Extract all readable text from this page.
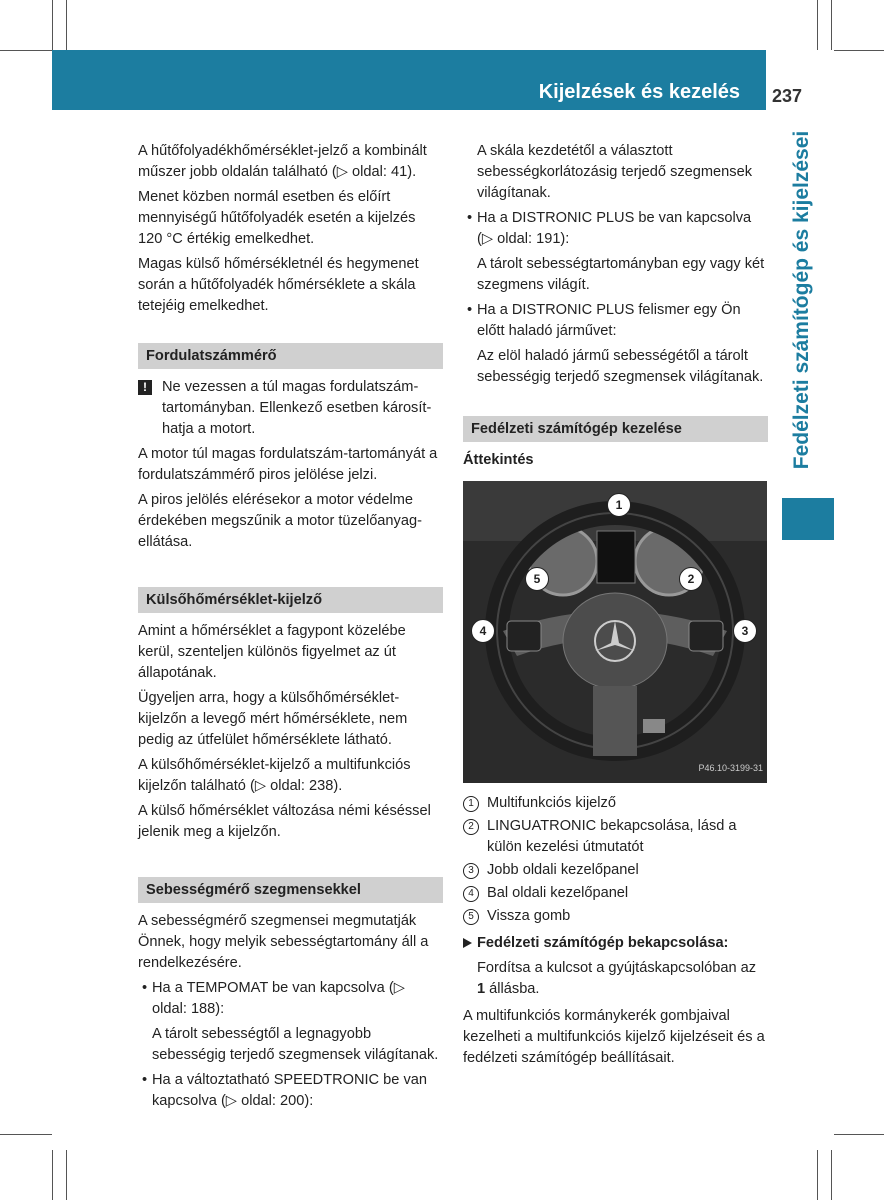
Kijelzések és kezelés 237
Fedélzeti számítógép és kijelzései

A hűtőfolyadékhőmérséklet-jelző a kombinált műszer jobb oldalán található (▷ oldal: 41).

Menet közben normál esetben és előírt mennyiségű hűtőfolyadék esetén a kijelzés 120 °C értékig emelkedhet.

Magas külső hőmérsékletnél és hegymenet során a hűtőfolyadék hőmérséklete a skála tetejéig emelkedhet.

Fordulatszámmérő
!	Ne vezessen a túl magas fordulatszám-tartományban. Ellenkező esetben károsít-hatja a motort.

A motor túl magas fordulatszám-tartományát a fordulatszámmérő piros jelölése jelzi.

A piros jelölés elérésekor a motor védelme érdekében megszűnik a motor tüzelőanyag-ellátása.

Külsőhőmérséklet-kijelző

Amint a hőmérséklet a fagypont közelébe kerül, szenteljen különös figyelmet az út állapotának.

Ügyeljen arra, hogy a külsőhőmérséklet-kijelzőn a levegő mért hőmérséklete, nem pedig az útfelület hőmérséklete látható.

A külsőhőmérséklet-kijelző a multifunkciós kijelzőn található (▷ oldal: 238).

A külső hőmérséklet változása némi késéssel jelenik meg a kijelzőn.

Sebességmérő szegmensekkel

A sebességmérő szegmensei megmutatják Önnek, hogy melyik sebességtartomány áll a rendelkezésére.

• Ha a TEMPOMAT be van kapcsolva (▷ oldal: 188):

A tárolt sebességtől a legnagyobb sebességig terjedő szegmensek világítanak.

• Ha a változtatható SPEEDTRONIC be van kapcsolva (▷ oldal: 200):

A skála kezdetétől a választott sebességkorlátozásig terjedő szegmensek világítanak.

• Ha a DISTRONIC PLUS be van kapcsolva (▷ oldal: 191):

A tárolt sebességtartományban egy vagy két szegmens világít.

• Ha a DISTRONIC PLUS felismer egy Ön előtt haladó járművet:

Az elöl haladó jármű sebességétől a tárolt sebességig terjedő szegmensek világítanak.

Fedélzeti számítógép kezelése
Áttekintés
1
2
3
4
5
P46.10-3199-31
1 Multifunkciós kijelző
2 LINGUATRONIC bekapcsolása, lásd a külön kezelési útmutatót
3 Jobb oldali kezelőpanel
4 Bal oldali kezelőpanel
5 Vissza gomb
Fedélzeti számítógép bekapcsolása:

Fordítsa a kulcsot a gyújtáskapcsolóban az 1 állásba.

A multifunkciós kormánykerék gombjaival kezelheti a multifunkciós kijelző kijelzéseit és a fedélzeti számítógép beállításait.
